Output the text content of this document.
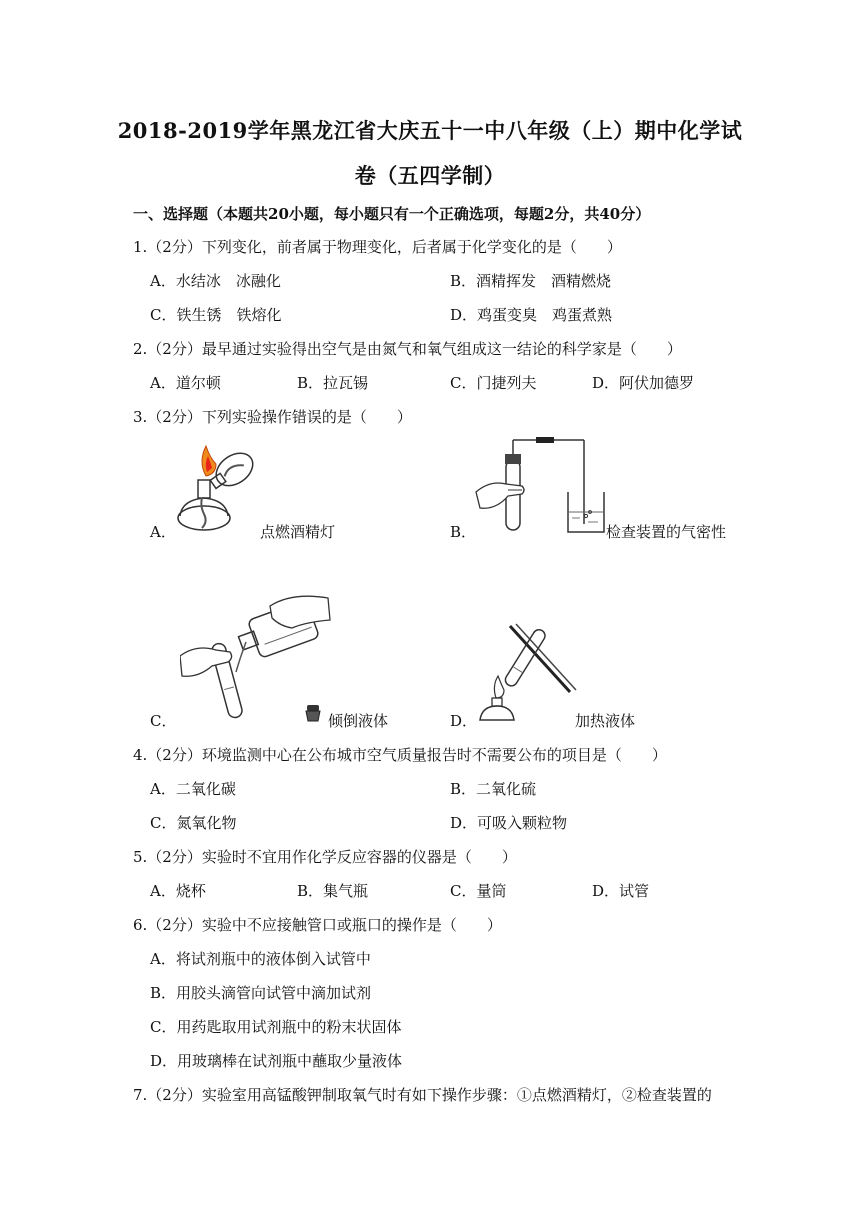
2018-2019学年黑龙江省大庆五十一中八年级（上）期中化学试
卷（五四学制）
一、选择题（本题共20小题，每小题只有一个正确选项，每题2分，共40分）
1.（2分）下列变化，前者属于物理变化，后者属于化学变化的是（　　）
A．水结冰　冰融化	B．酒精挥发　酒精燃烧
C．铁生锈　铁熔化	D．鸡蛋变臭　鸡蛋煮熟
2.（2分）最早通过实验得出空气是由氮气和氧气组成这一结论的科学家是（　　）
A．道尔顿	B．拉瓦锡	C．门捷列夫	D．阿伏加德罗
3.（2分）下列实验操作错误的是（　　）
A．	点燃酒精灯	B．	检查装置的气密性
C．	倾倒液体	D．	加热液体
4.（2分）环境监测中心在公布城市空气质量报告时不需要公布的项目是（　　）
A．二氧化碳	B．二氧化硫
C．氮氧化物	D．可吸入颗粒物
5.（2分）实验时不宜用作化学反应容器的仪器是（　　）
A．烧杯	B．集气瓶	C．量筒	D．试管
6.（2分）实验中不应接触管口或瓶口的操作是（　　）
A．将试剂瓶中的液体倒入试管中
B．用胶头滴管向试管中滴加试剂
C．用药匙取用试剂瓶中的粉末状固体
D．用玻璃棒在试剂瓶中蘸取少量液体
7.（2分）实验室用高锰酸钾制取氧气时有如下操作步骤：①点燃酒精灯，②检查装置的
